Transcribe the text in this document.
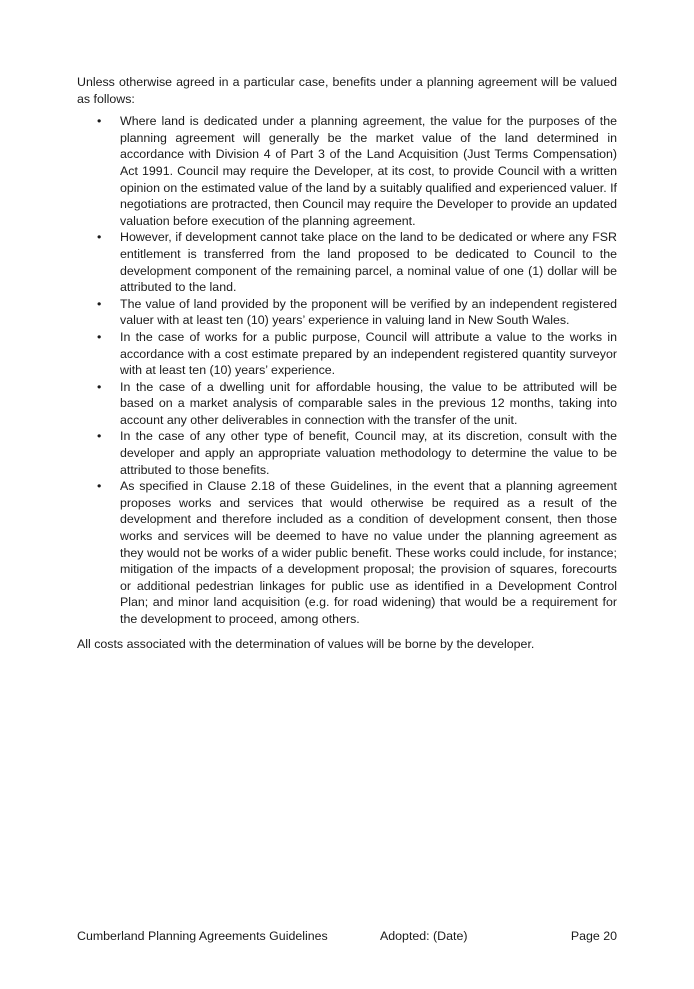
Unless otherwise agreed in a particular case, benefits under a planning agreement will be valued as follows:

• Where land is dedicated under a planning agreement, the value for the purposes of the planning agreement will generally be the market value of the land determined in accordance with Division 4 of Part 3 of the Land Acquisition (Just Terms Compensation) Act 1991. Council may require the Developer, at its cost, to provide Council with a written opinion on the estimated value of the land by a suitably qualified and experienced valuer. If negotiations are protracted, then Council may require the Developer to provide an updated valuation before execution of the planning agreement.
• However, if development cannot take place on the land to be dedicated or where any FSR entitlement is transferred from the land proposed to be dedicated to Council to the development component of the remaining parcel, a nominal value of one (1) dollar will be attributed to the land.
• The value of land provided by the proponent will be verified by an independent registered valuer with at least ten (10) years’ experience in valuing land in New South Wales.
• In the case of works for a public purpose, Council will attribute a value to the works in accordance with a cost estimate prepared by an independent registered quantity surveyor with at least ten (10) years’ experience.
• In the case of a dwelling unit for affordable housing, the value to be attributed will be based on a market analysis of comparable sales in the previous 12 months, taking into account any other deliverables in connection with the transfer of the unit.
• In the case of any other type of benefit, Council may, at its discretion, consult with the developer and apply an appropriate valuation methodology to determine the value to be attributed to those benefits.
• As specified in Clause 2.18 of these Guidelines, in the event that a planning agreement proposes works and services that would otherwise be required as a result of the development and therefore included as a condition of development consent, then those works and services will be deemed to have no value under the planning agreement as they would not be works of a wider public benefit. These works could include, for instance; mitigation of the impacts of a development proposal; the provision of squares, forecourts or additional pedestrian linkages for public use as identified in a Development Control Plan; and minor land acquisition (e.g. for road widening) that would be a requirement for the development to proceed, among others.

All costs associated with the determination of values will be borne by the developer.

Cumberland Planning Agreements Guidelines	Adopted: (Date)	Page 20
